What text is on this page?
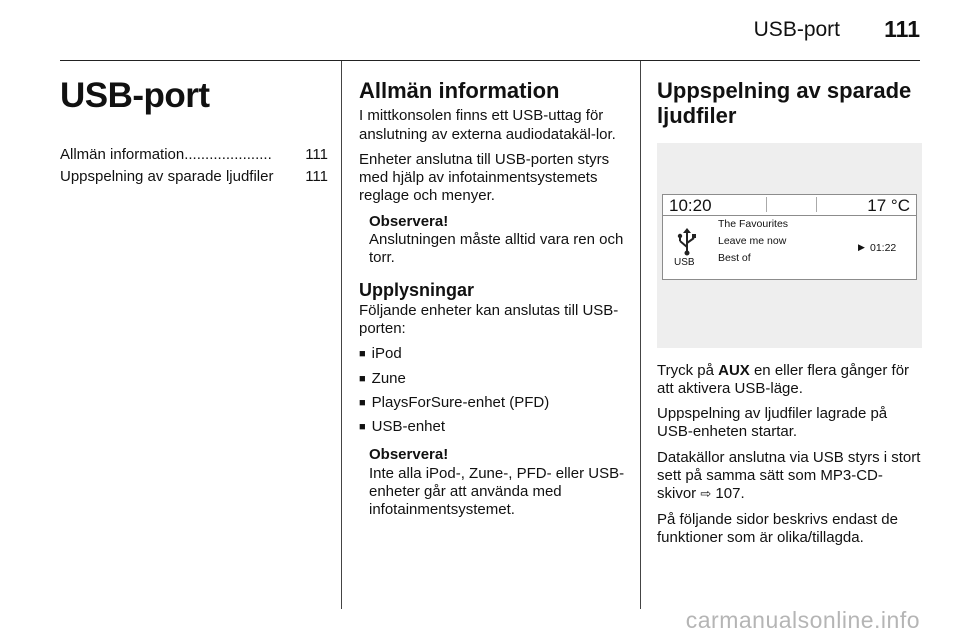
USB-port 111
USB-port
Allmän information .....................	111
Uppspelning av sparade ljudfiler 111
Allmän information

I mittkonsolen finns ett USB-uttag för anslutning av externa audiodatakäl-lor.

Enheter anslutna till USB-porten styrs med hjälp av infotainmentsystemets reglage och menyer.

Observera!

Anslutningen måste alltid vara ren och torr.

Upplysningar

Följande enheter kan anslutas till USB-porten:

■ iPod
■ Zune
■ PlaysForSure-enhet (PFD)
■ USB-enhet
Observera!

Inte alla iPod-, Zune-, PFD- eller USB-enheter går att använda med infotainmentsystemet.

Uppspelning av sparade ljudfiler
10:20	17 °C
USB
The Favourites
Leave me now
Best of
▶ 01:22

Tryck på AUX en eller flera gånger för att aktivera USB-läge.

Uppspelning av ljudfiler lagrade på USB-enheten startar.

Datakällor anslutna via USB styrs i stort sett på samma sätt som MP3-CD-skivor ⇨ 107.

På följande sidor beskrivs endast de funktioner som är olika/tillagda.

carmanualsonline.info
